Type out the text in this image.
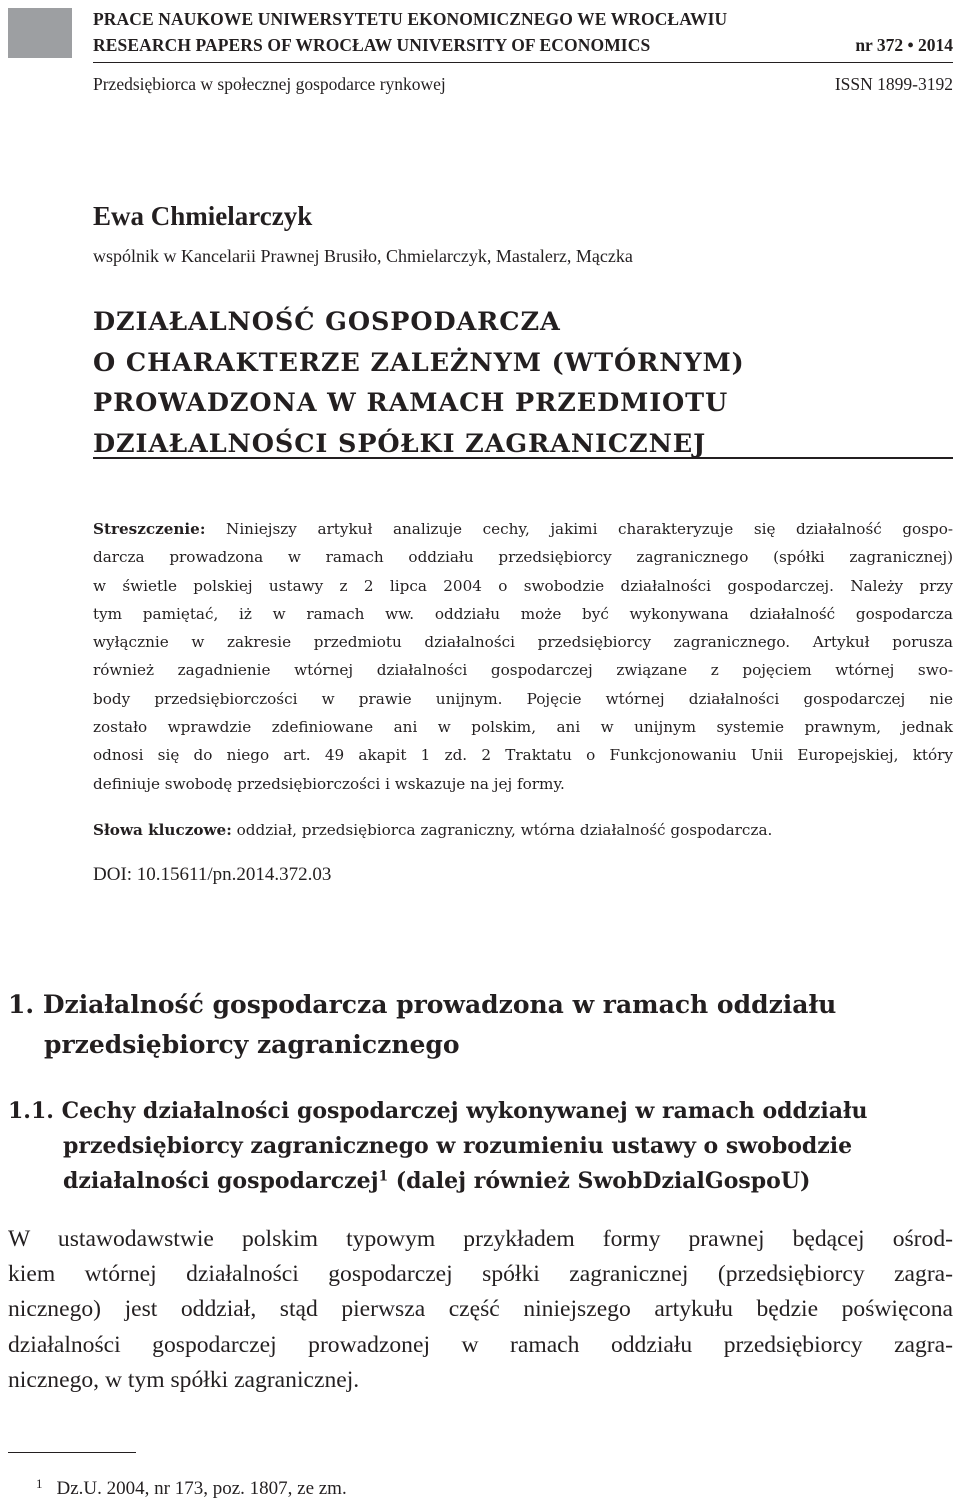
PRACE NAUKOWE UNIWERSYTETU EKONOMICZNEGO WE WROCŁAWIU
RESEARCH PAPERS OF WROCŁAW UNIVERSITY OF ECONOMICS	nr 372 • 2014
Przedsiębiorca w społecznej gospodarce rynkowej	ISSN 1899-3192
Ewa Chmielarczyk
wspólnik w Kancelarii Prawnej Brusiło, Chmielarczyk, Mastalerz, Mączka
DZIAŁALNOŚĆ GOSPODARCZA
O CHARAKTERZE ZALEŻNYM (WTÓRNYM)
PROWADZONA W RAMACH PRZEDMIOTU
DZIAŁALNOŚCI SPÓŁKI ZAGRANICZNEJ
Streszczenie: Niniejszy artykuł analizuje cechy, jakimi charakteryzuje się działalność gospo-
darcza prowadzona w ramach oddziału przedsiębiorcy zagranicznego (spółki zagranicznej)
w świetle polskiej ustawy z 2 lipca 2004 o swobodzie działalności gospodarczej. Należy przy
tym pamiętać, iż w ramach ww. oddziału może być wykonywana działalność gospodarcza
wyłącznie w zakresie przedmiotu działalności przedsiębiorcy zagranicznego. Artykuł porusza
również zagadnienie wtórnej działalności gospodarczej związane z pojęciem wtórnej swo-
body przedsiębiorczości w prawie unijnym. Pojęcie wtórnej działalności gospodarczej nie
zostało wprawdzie zdefiniowane ani w polskim, ani w unijnym systemie prawnym, jednak
odnosi się do niego art. 49 akapit 1 zd. 2 Traktatu o Funkcjonowaniu Unii Europejskiej, który
definiuje swobodę przedsiębiorczości i wskazuje na jej formy.
Słowa kluczowe: oddział, przedsiębiorca zagraniczny, wtórna działalność gospodarcza.
DOI: 10.15611/pn.2014.372.03
1. Działalność gospodarcza prowadzona w ramach oddziału
przedsiębiorcy zagranicznego
1.1. Cechy działalności gospodarczej wykonywanej w ramach oddziału
przedsiębiorcy zagranicznego w rozumieniu ustawy o swobodzie
działalności gospodarczej$^1$ (dalej również SwobDzialGospoU)
W ustawodawstwie polskim typowym przykładem formy prawnej będącej ośrod-
kiem wtórnej działalności gospodarczej spółki zagranicznej (przedsiębiorcy zagra-
nicznego) jest oddział, stąd pierwsza część niniejszego artykułu będzie poświęcona
działalności gospodarczej prowadzonej w ramach oddziału przedsiębiorcy zagra-
nicznego, w tym spółki zagranicznej.
$^1$ Dz.U. 2004, nr 173, poz. 1807, ze zm.
